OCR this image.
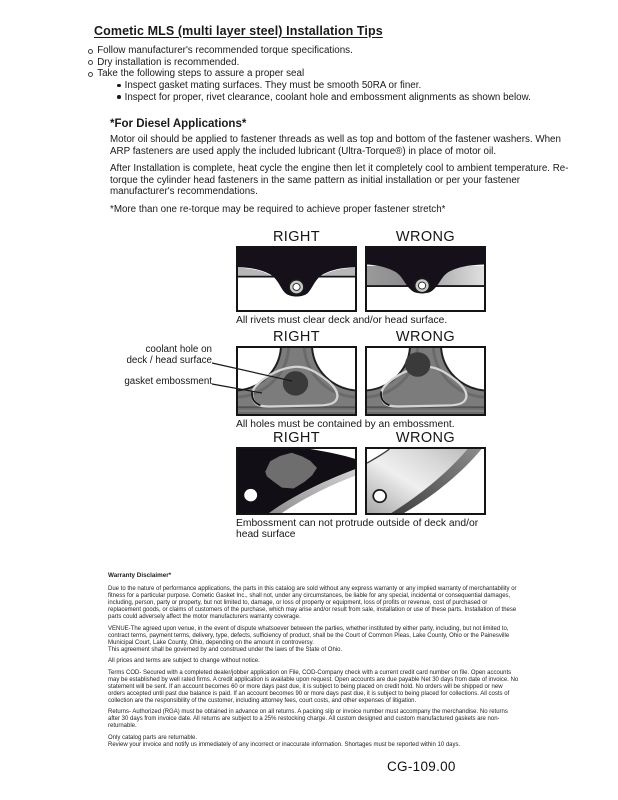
Cometic MLS (multi layer steel) Installation Tips
Follow manufacturer's recommended torque specifications.
Dry installation is recommended.
Take the following steps to assure a proper seal
Inspect gasket mating surfaces. They must be smooth 50RA or finer.
Inspect for proper, rivet clearance, coolant hole and embossment alignments as shown below.
*For Diesel Applications*
Motor oil should be applied to fastener threads as well as top and bottom of the fastener washers. When ARP fasteners are used apply the included lubricant (Ultra-Torque®) in place of motor oil.
After Installation is complete, heat cycle the engine then let it completely cool to ambient temperature. Re-torque the cylinder head fasteners in the same pattern as initial installation or per your fastener manufacturer's recommendations.
*More than one re-torque may be required to achieve proper fastener stretch*
RIGHT	WRONG
All rivets must clear deck and/or head surface.
RIGHT	WRONG
All holes must be contained by an embossment.
coolant hole on
deck / head surface
gasket embossment
RIGHT	WRONG
Embossment can not protrude outside of deck and/or head surface
Warranty Disclaimer*

Due to the nature of performance applications, the parts in this catalog are sold without any express warranty or any implied warranty of merchantability or fitness for a particular purpose. Cometic Gasket Inc., shall not, under any circumstances, be liable for any special, incidental or consequential damages, including, person, party or property, but not limited to, damage, or loss of property or equipment, loss of profits or revenue, cost of purchased or replacement goods, or claims of customers of the purchase, which may arise and/or result from sale, installation or use of these parts. Installation of these parts could adversely affect the motor manufacturers warranty coverage.

VENUE-The agreed upon venue, in the event of dispute whatsoever between the parties, whether instituted by either party, including, but not limited to, contract terms, payment terms, delivery, type, defects, sufficiency of product, shall be the Court of Common Pleas, Lake County, Ohio or the Painesville Municipal Court, Lake County, Ohio, depending on the amount in controversy.

This agreement shall be governed by and construed under the laws of the State of Ohio.

All prices and terms are subject to change without notice.

Terms COD- Secured with a completed dealer/jobber application on File, COD-Company check with a current credit card number on file. Open accounts may be established by well rated firms. A credit application is available upon request. Open accounts are due payable Net 30 days from date of invoice. No statement will be sent. If an account becomes 60 or more days past due, it is subject to being placed on credit hold. No orders will be shipped or new orders accepted until past due balance is paid. If an account becomes 90 or more days past due, it is subject to being placed for collections. All costs of collection are the responsibility of the customer, including attorney fees, court costs, and other expenses of litigation.

Returns- Authorized (RGA) must be obtained in advance on all returns. A packing slip or invoice number must accompany the merchandise. No returns after 30 days from invoice date. All returns are subject to a 25% restocking charge. All custom designed and custom manufactured gaskets are non-returnable.

Only catalog parts are returnable.

Review your invoice and notify us immediately of any incorrect or inaccurate information. Shortages must be reported within 10 days.

CG-109.00
